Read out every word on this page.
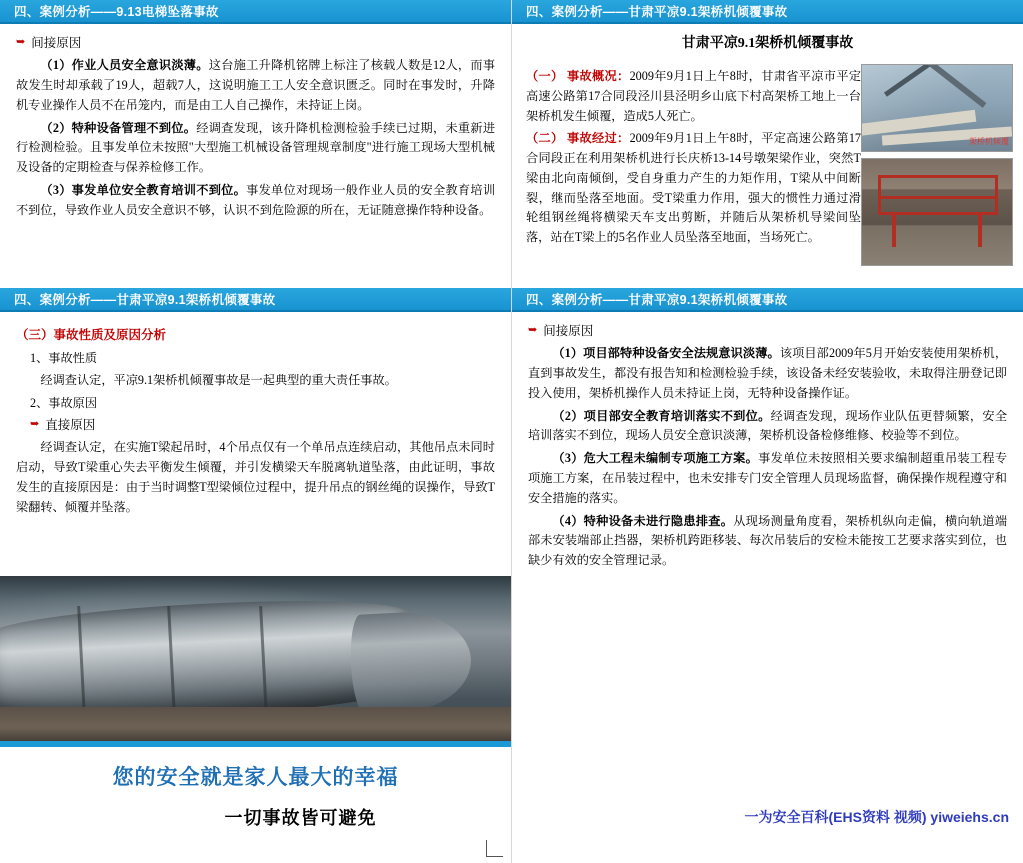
四、案例分析——9.13电梯坠落事故
➥ 间接原因

（1）作业人员安全意识淡薄。这台施工升降机铭牌上标注了核载人数是12人，而事故发生时却承载了19人，超载7人，这说明施工工人安全意识匮乏。同时在事发时，升降机专业操作人员不在吊笼内，而是由工人自己操作，未持证上岗。

（2）特种设备管理不到位。经调查发现，该升降机检测检验手续已过期，未重新进行检测检验。且事发单位未按照"大型施工机械设备管理规章制度"进行施工现场大型机械及设备的定期检查与保养检修工作。

（3）事发单位安全教育培训不到位。事发单位对现场一般作业人员的安全教育培训不到位，导致作业人员安全意识不够，认识不到危险源的所在，无证随意操作特种设备。

四、案例分析——甘肃平凉9.1架桥机倾覆事故
甘肃平凉9.1架桥机倾覆事故

（一） 事故概况：2009年9月1日上午8时，甘肃省平凉市平定高速公路第17合同段泾川县泾明乡山底下村高架桥工地上一台架桥机发生倾覆，造成5人死亡。

（二） 事故经过：2009年9月1日上午8时，平定高速公路第17合同段正在利用架桥机进行长庆桥13-14号墩架梁作业，突然T梁由北向南倾倒，受自身重力产生的力矩作用，T梁从中间断裂，继而坠落至地面。受T梁重力作用，强大的惯性力通过滑轮组钢丝绳将横梁天车支出剪断，并随后从架桥机导梁间坠落，站在T梁上的5名作业人员坠落至地面，当场死亡。

架桥机倾覆
四、案例分析——甘肃平凉9.1架桥机倾覆事故
（三）事故性质及原因分析
1、事故性质

经调查认定，平凉9.1架桥机倾覆事故是一起典型的重大责任事故。

2、事故原因
➥ 直接原因

经调查认定，在实施T梁起吊时，4个吊点仅有一个单吊点连续启动，其他吊点未同时启动，导致T梁重心失去平衡发生倾覆，并引发横梁天车脱离轨道坠落，由此证明，事故发生的直接原因是：由于当时调整T型梁倾位过程中，提升吊点的钢丝绳的误操作，导致T梁翻转、倾覆并坠落。

四、案例分析——甘肃平凉9.1架桥机倾覆事故
➥ 间接原因

（1）项目部特种设备安全法规意识淡薄。该项目部2009年5月开始安装使用架桥机，直到事故发生，都没有报告知和检测检验手续，该设备未经安装验收，未取得注册登记即投入使用，架桥机操作人员未持证上岗，无特种设备操作证。

（2）项目部安全教育培训落实不到位。经调查发现，现场作业队伍更替频繁，安全培训落实不到位，现场人员安全意识淡薄，架桥机设备检修维修、校验等不到位。

（3）危大工程未编制专项施工方案。事发单位未按照相关要求编制超重吊装工程专项施工方案，在吊装过程中，也未安排专门安全管理人员现场监督，确保操作规程遵守和安全措施的落实。

（4）特种设备未进行隐患排查。从现场测量角度看，架桥机纵向走偏，横向轨道端部未安装端部止挡器，架桥机跨距移装、每次吊装后的安检未能按工艺要求落实到位，也缺少有效的安全管理记录。

您的安全就是家人最大的幸福
一切事故皆可避免	一为安全百科(EHS资料 视频) yiweiehs.cn
